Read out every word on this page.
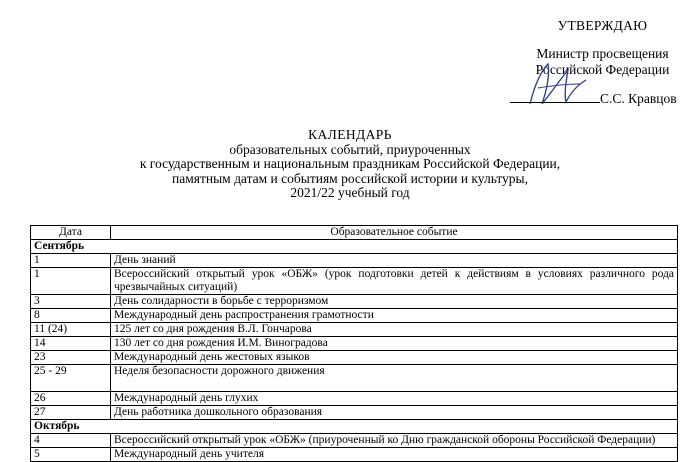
УТВЕРЖДАЮ
Министр просвещения
Российской Федерации
С.С. Кравцов
КАЛЕНДАРЬ
образовательных событий, приуроченных
к государственным и национальным праздникам Российской Федерации,
памятным датам и событиям российской истории и культуры,
2021/22 учебный год
Дата	Образовательное событие
Сентябрь	
1	День знаний
1	Всероссийский открытый урок «ОБЖ» (урок подготовки детей к действиям в условиях различного рода чрезвычайных ситуаций)
3	День солидарности в борьбе с терроризмом
8	Международный день распространения грамотности
11 (24)	125 лет со дня рождения В.Л. Гончарова
14	130 лет со дня рождения И.М. Виноградова
23	Международный день жестовых языков
25 - 29	Неделя безопасности дорожного движения
26	Международный день глухих
27	День работника дошкольного образования
Октябрь	
4	Всероссийский открытый урок «ОБЖ» (приуроченный ко Дню гражданской обороны Российской Федерации)
5	Международный день учителя
